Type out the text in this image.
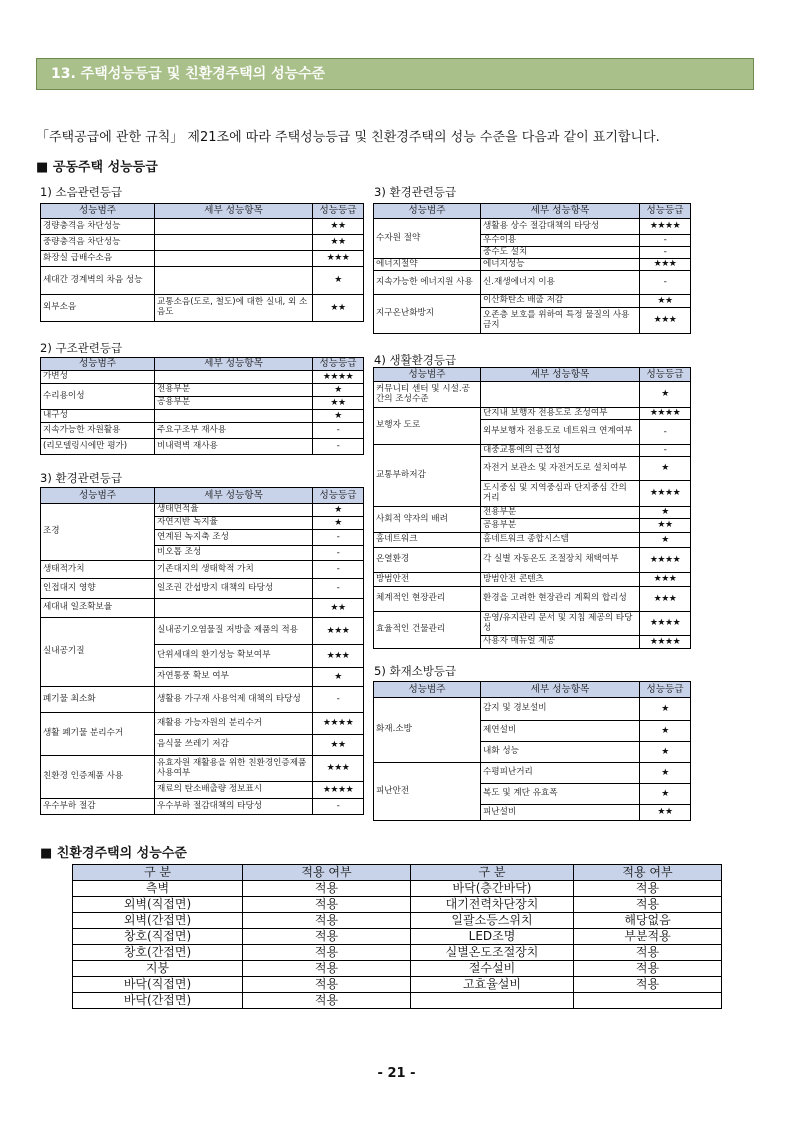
13. 주택성능등급 및 친환경주택의 성능수준
「주택공급에 관한 규칙」 제21조에 따라 주택성능등급 및 친환경주택의 성능 수준을 다음과 같이 표기합니다.
■ 공동주택 성능등급
1) 소음관련등급
성능범주	세부 성능항목	성능등급
경량충격음 차단성능		★★
중량충격음 차단성능		★★
화장실 급배수소음		★★★
세대간 경계벽의 차음 성능		★
외부소음	교통소음(도로, 철도)에 대한 실내, 외 소음도	★★
2) 구조관련등급
성능범주	세부 성능항목	성능등급
가변성		★★★★
수리용이성	전용부분	★
	공용부분	★★
내구성		★
지속가능한 자원활용	주요구조부 재사용	-
(리모델링시에만 평가)	비내력벽 재사용	-
3) 환경관련등급
성능범주	세부 성능항목	성능등급
조경	생태면적율	★
	자연지반 녹지율	★
	연계된 녹지축 조성	-
	비오톱 조성	-
생태적가치	기존대지의 생태학적 가치	-
인접대지 영향	일조권 간섭방지 대책의 타당성	-
세대내 일조확보율		★★
실내공기질	실내공기오염물질 저방출 제품의 적용	★★★
	단위세대의 환기성능 확보여부	★★★
	자연통풍 확보 여부	★
폐기물 최소화	생활용 가구재 사용억제 대책의 타당성	-
생활 폐기물 분리수거	재활용 가능자원의 분리수거	★★★★
	음식물 쓰레기 저감	★★
친환경 인증제품 사용	유효자원 재활용을 위한 친환경인증제품 사용여부	★★★
	재료의 탄소배출량 정보표시	★★★★
우수부하 절감	우수부하 절감대책의 타당성	-
3) 환경관련등급
성능범주	세부 성능항목	성능등급
수자원 절약	생활용 상수 절감대책의 타당성	★★★★
	우수이용	-
	중수도 설치	-
에너지절약	에너지성능	★★★
지속가능한 에너지원 사용	신.재생에너지 이용	-
지구온난화방지	이산화탄소 배출 저감	★★
	오존층 보호를 위하여 특정 물질의 사용금지	★★★
4) 생활환경등급
성능범주	세부 성능항목	성능등급
커뮤니티 센터 및 시설.공간의 조성수준		★
보행자 도로	단지내 보행자 전용도로 조성여부	★★★★
	외부보행자 전용도로 네트워크 연계여부	-
교통부하저감	대중교통에의 근접성	-
	자전거 보관소 및 자전거도로 설치여부	★
	도시중심 및 지역중심과 단지중심 간의 거리	★★★★
사회적 약자의 배려	전용부분	★
	공용부분	★★
홈네트워크	홈네트워크 종합시스템	★
온열환경	각 실별 자동온도 조절장치 채택여부	★★★★
방범안전	방범안전 콘텐츠	★★★
체계적인 현장관리	환경을 고려한 현장관리 계획의 합리성	★★★
효율적인 건물관리	운영/유지관리 문서 및 지침 제공의 타당성	★★★★
	사용자 매뉴얼 제공	★★★★
5) 화재소방등급
성능범주	세부 성능항목	성능등급
화재.소방	감지 및 경보설비	★
	제연설비	★
	내화 성능	★
피난안전	수평피난거리	★
	복도 및 계단 유효폭	★
	피난설비	★★
■ 친환경주택의 성능수준
구 분	적용 여부	구 분	적용 여부
측벽	적용	바닥(층간바닥)	적용
외벽(직접면)	적용	대기전력차단장치	적용
외벽(간접면)	적용	일괄소등스위치	해당없음
창호(직접면)	적용	LED조명	부분적용
창호(간접면)	적용	실별온도조절장치	적용
지붕	적용	절수설비	적용
바닥(직접면)	적용	고효율설비	적용
바닥(간접면)	적용		
- 21 -
